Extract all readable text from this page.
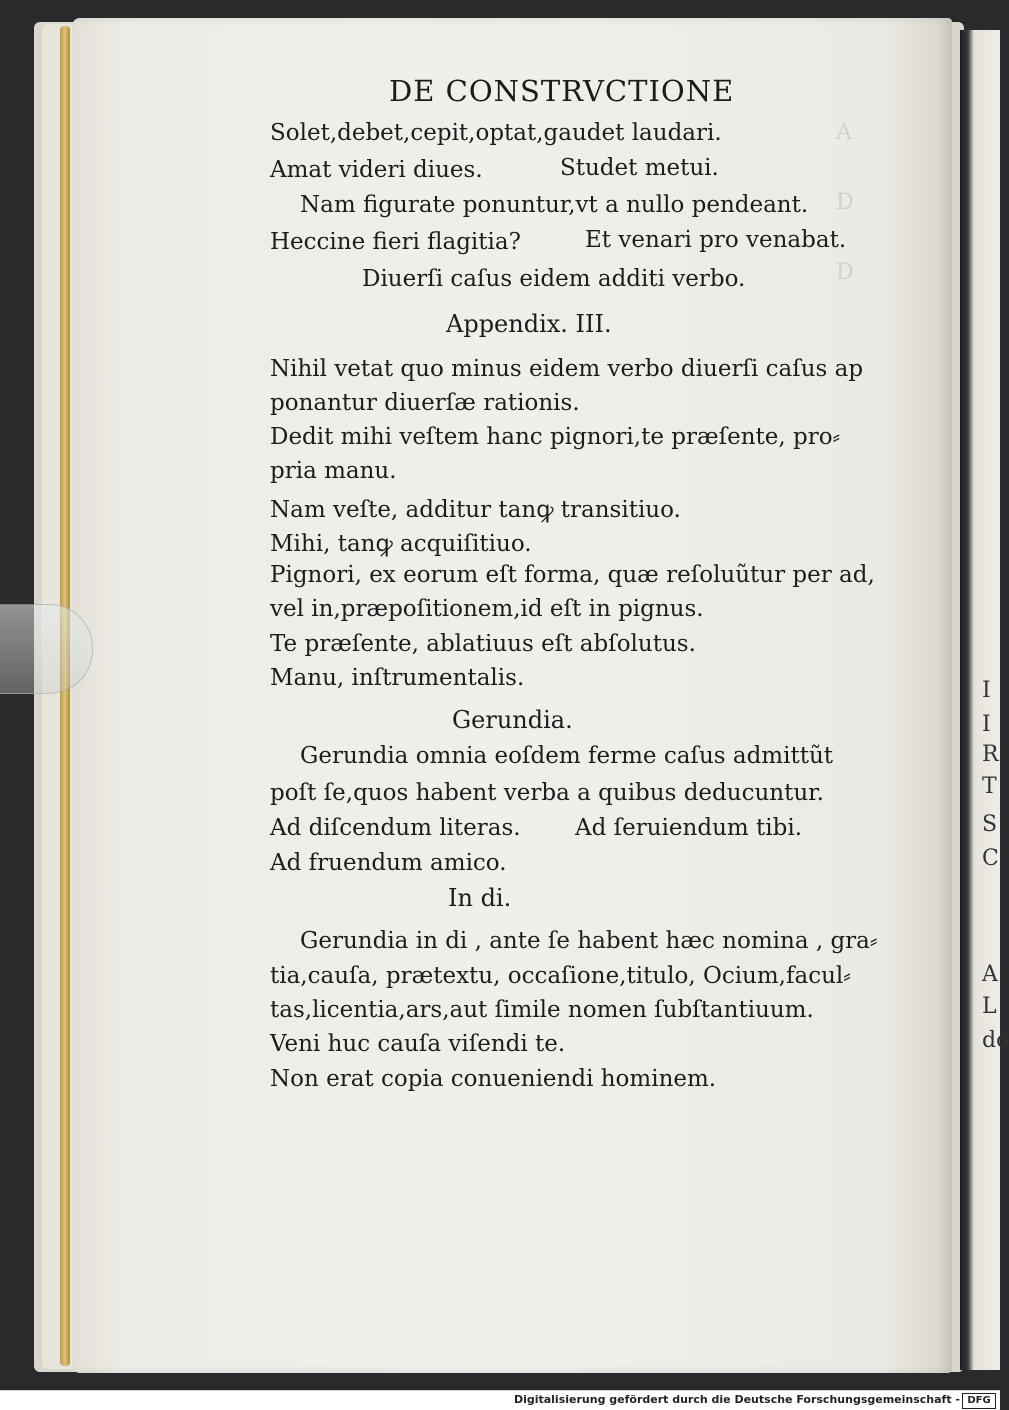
A
D
D
I
I
R
T
S
C
A
L
do
DE CONSTRVCTIONE
Solet,debet,cepit,optat,gaudet laudari.
Amat videri diues.	Studet metui.
Nam figurate ponuntur,vt a nullo pendeant.
Heccine fieri flagitia?	Et venari pro venabat.
Diuerſi caſus eidem additi verbo.
Appendix. III.
Nihil vetat quo minus eidem verbo diuerſi caſus ap
ponantur diuerſæ rationis.
Dedit mihi veſtem hanc pignori,te præſente, pro⸗
pria manu.
Nam veſte, additur tanꝙ transitiuo.
Mihi, tanꝙ acquiſitiuo.
Pignori, ex eorum eſt forma, quæ reſoluũtur per ad,
vel in,præpoſitionem,id eſt in pignus.
Te præſente, ablatiuus eſt abſolutus.
Manu, inſtrumentalis.
Gerundia.
Gerundia omnia eoſdem ferme caſus admittũt
poſt ſe,quos habent verba a quibus deducuntur.
Ad diſcendum literas. Ad ſeruiendum tibi.
Ad fruendum amico.
In di.
Gerundia in di , ante ſe habent hæc nomina , gra⸗
tia,cauſa, prætextu, occaſione,titulo, Ocium,facul⸗
tas,licentia,ars,aut ſimile nomen ſubſtantiuum.
Veni huc cauſa viſendi te.
Non erat copia conueniendi hominem.
Digitalisierung gefördert durch die Deutsche Forschungsgemeinschaft - DFG
